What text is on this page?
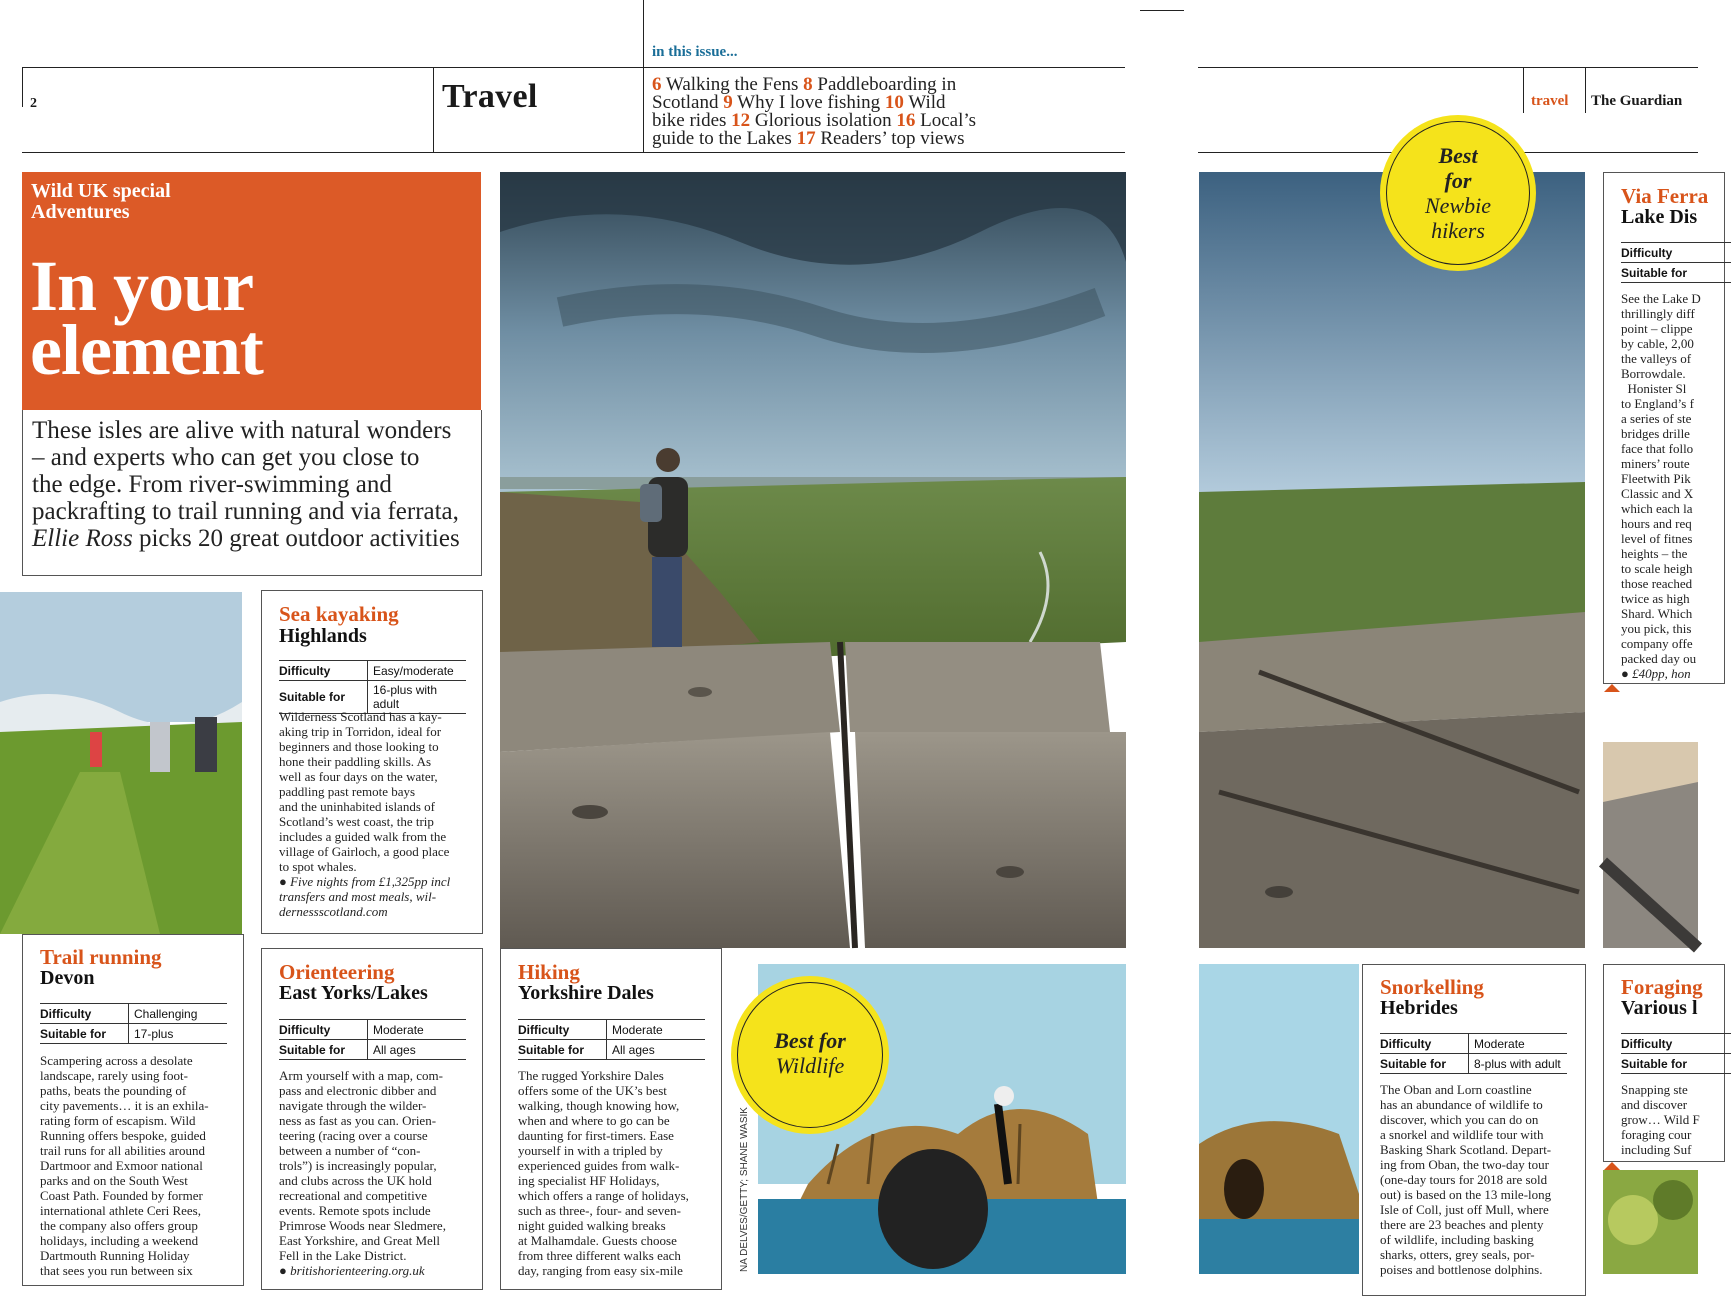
in this issue...
2	Travel	6 Walking the Fens 8 Paddleboarding in
Scotland 9 Why I love fishing 10 Wild
bike rides 12 Glorious isolation 16 Local’s
guide to the Lakes 17 Readers’ top views
travel The Guardian
Wild UK special
Adventures
In your
element
These isles are alive with natural wonders
– and experts who can get you close to
the edge. From river-swimming and
packrafting to trail running and via ferrata,
Ellie Ross picks 20 great outdoor activities
Best
for
Newbie
hikers
Best for
Wildlife
NA DELVES/GETTY; SHANE WASIK
Sea kayaking
Highlands
Difficulty	Easy/moderate
Suitable for	16-plus with adult
Wilderness Scotland has a kay-
aking trip in Torridon, ideal for
beginners and those looking to
hone their paddling skills. As
well as four days on the water,
paddling past remote bays
and the uninhabited islands of
Scotland’s west coast, the trip
includes a guided walk from the
village of Gairloch, a good place
to spot whales.
● Five nights from £1,325pp incl
transfers and most meals, wil-
dernessscotland.com
Trail running
Devon
Difficulty	Challenging
Suitable for	17-plus
Scampering across a desolate
landscape, rarely using foot-
paths, beats the pounding of
city pavements… it is an exhila-
rating form of escapism. Wild
Running offers bespoke, guided
trail runs for all abilities around
Dartmoor and Exmoor national
parks and on the South West
Coast Path. Founded by former
international athlete Ceri Rees,
the company also offers group
holidays, including a weekend
Dartmouth Running Holiday
that sees you run between six
Orienteering
East Yorks/Lakes
Difficulty	Moderate
Suitable for	All ages
Arm yourself with a map, com-
pass and electronic dibber and
navigate through the wilder-
ness as fast as you can. Orien-
teering (racing over a course
between a number of “con-
trols”) is increasingly popular,
and clubs across the UK hold
recreational and competitive
events. Remote spots include
Primrose Woods near Sledmere,
East Yorkshire, and Great Mell
Fell in the Lake District.
● britishorienteering.org.uk
Hiking
Yorkshire Dales
Difficulty	Moderate
Suitable for	All ages
The rugged Yorkshire Dales
offers some of the UK’s best
walking, though knowing how,
when and where to go can be
daunting for first-timers. Ease
yourself in with a tripled by
experienced guides from walk-
ing specialist HF Holidays,
which offers a range of holidays,
such as three-, four- and seven-
night guided walking breaks
at Malhamdale. Guests choose
from three different walks each
day, ranging from easy six-mile
Snorkelling
Hebrides
Difficulty	Moderate
Suitable for	8-plus with adult
The Oban and Lorn coastline
has an abundance of wildlife to
discover, which you can do on
a snorkel and wildlife tour with
Basking Shark Scotland. Depart-
ing from Oban, the two-day tour
(one-day tours for 2018 are sold
out) is based on the 13 mile-long
Isle of Coll, just off Mull, where
there are 23 beaches and plenty
of wildlife, including basking
sharks, otters, grey seals, por-
poises and bottlenose dolphins.
Via Ferra
Lake Dis
Difficulty
Suitable for
See the Lake D
thrillingly diff
point – clippe
by cable, 2,00
the valleys of
Borrowdale.
Honister Sl
to England’s f
a series of ste
bridges drille
face that follo
miners’ route
Fleetwith Pik
Classic and X
which each la
hours and req
level of fitnes
heights – the
to scale heigh
those reached
twice as high
Shard. Which
you pick, this
company offe
packed day ou
● £40pp, hon
Foraging
Various l
Difficulty
Suitable for
Snapping ste
and discover
grow… Wild F
foraging cour
including Suf
